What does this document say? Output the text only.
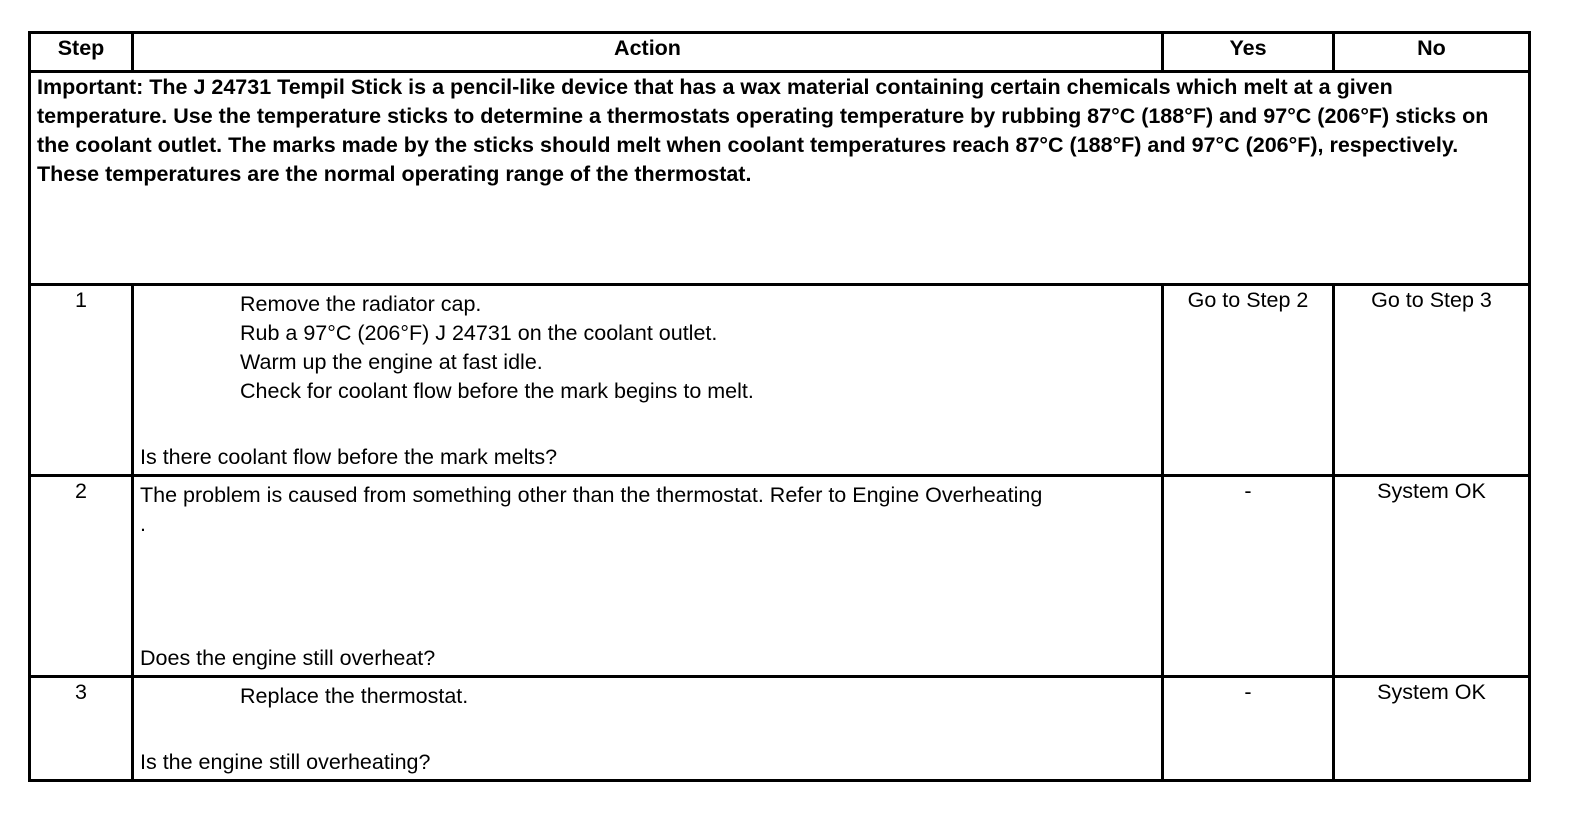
Step	Action	Yes	No
Important: The J 24731 Tempil Stick is a pencil-like device that has a wax material containing certain chemicals which melt at a given temperature. Use the temperature sticks to determine a thermostats operating temperature by rubbing 87°C (188°F) and 97°C (206°F) sticks on the coolant outlet. The marks made by the sticks should melt when coolant temperatures reach 87°C (188°F) and 97°C (206°F), respectively. These temperatures are the normal operating range of the thermostat.			
1	Remove the radiator cap.
Rub a 97°C (206°F) J 24731 on the coolant outlet.
Warm up the engine at fast idle.
Check for coolant flow before the mark begins to melt.
Is there coolant flow before the mark melts?	Go to Step 2	Go to Step 3
2	The problem is caused from something other than the thermostat. Refer to Engine Overheating .
Does the engine still overheat?	-	System OK
3	Replace the thermostat.
Is the engine still overheating?	-	System OK
